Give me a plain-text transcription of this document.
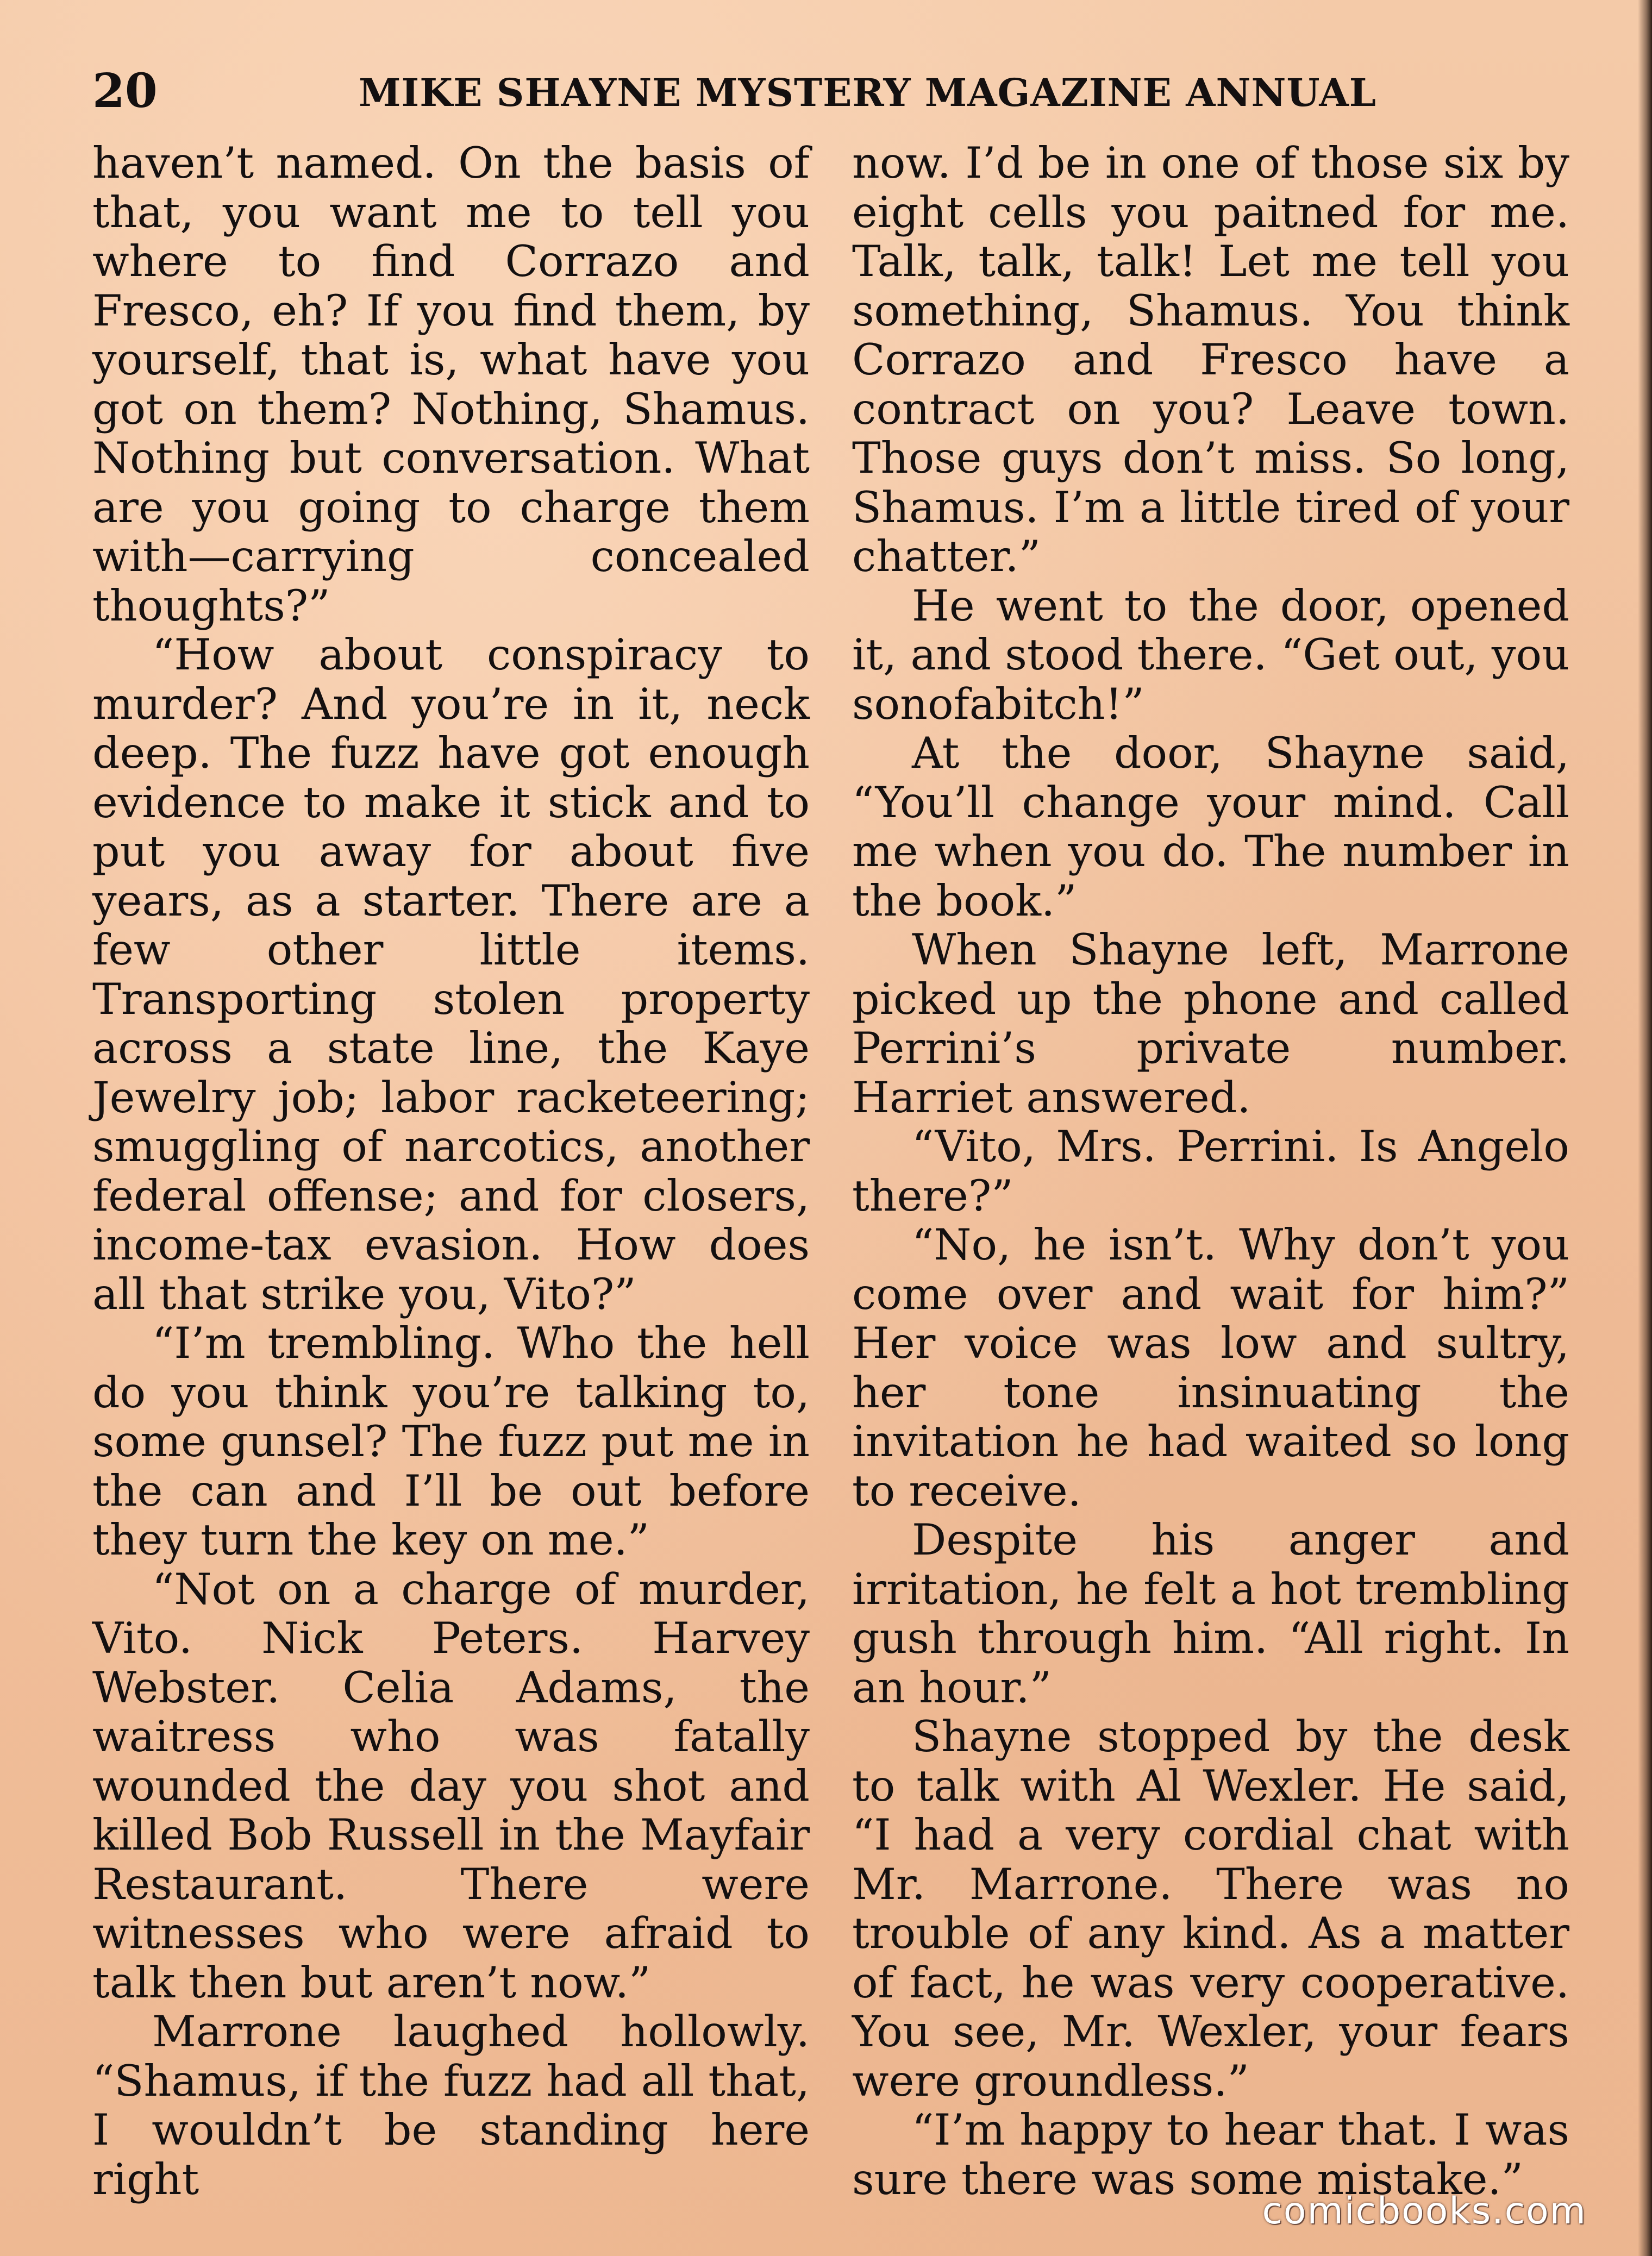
20	MIKE SHAYNE MYSTERY MAGAZINE ANNUAL

haven’t named. On the basis of that, you want me to tell you where to find Corrazo and Fresco, eh? If you find them, by yourself, that is, what have you got on them? Nothing, Shamus. Nothing but conversation. What are you going to charge them with—carrying concealed thoughts?”

“How about conspiracy to murder? And you’re in it, neck deep. The fuzz have got enough evidence to make it stick and to put you away for about five years, as a starter. There are a few other little items. Transporting stolen property across a state line, the Kaye Jewelry job; labor racketeering; smuggling of narcotics, another federal offense; and for closers, income-tax evasion. How does all that strike you, Vito?”

“I’m trembling. Who the hell do you think you’re talking to, some gunsel? The fuzz put me in the can and I’ll be out before they turn the key on me.”

“Not on a charge of murder, Vito. Nick Peters. Harvey Webster. Celia Adams, the waitress who was fatally wounded the day you shot and killed Bob Russell in the Mayfair Restaurant. There were witnesses who were afraid to talk then but aren’t now.”

Marrone laughed hollowly. “Shamus, if the fuzz had all that, I wouldn’t be standing here right

now. I’d be in one of those six by eight cells you paitned for me. Talk, talk, talk! Let me tell you something, Shamus. You think Corrazo and Fresco have a contract on you? Leave town. Those guys don’t miss. So long, Shamus. I’m a little tired of your chatter.”

He went to the door, opened it, and stood there. “Get out, you sonofabitch!”

At the door, Shayne said, “You’ll change your mind. Call me when you do. The number in the book.”

When Shayne left, Marrone picked up the phone and called Perrini’s private number. Harriet answered.

“Vito, Mrs. Perrini. Is Angelo there?”

“No, he isn’t. Why don’t you come over and wait for him?” Her voice was low and sultry, her tone insinuating the invitation he had waited so long to receive.

Despite his anger and irritation, he felt a hot trembling gush through him. “All right. In an hour.”

Shayne stopped by the desk to talk with Al Wexler. He said, “I had a very cordial chat with Mr. Marrone. There was no trouble of any kind. As a matter of fact, he was very cooperative. You see, Mr. Wexler, your fears were groundless.”

“I’m happy to hear that. I was sure there was some mistake.”

comicbooks.com
